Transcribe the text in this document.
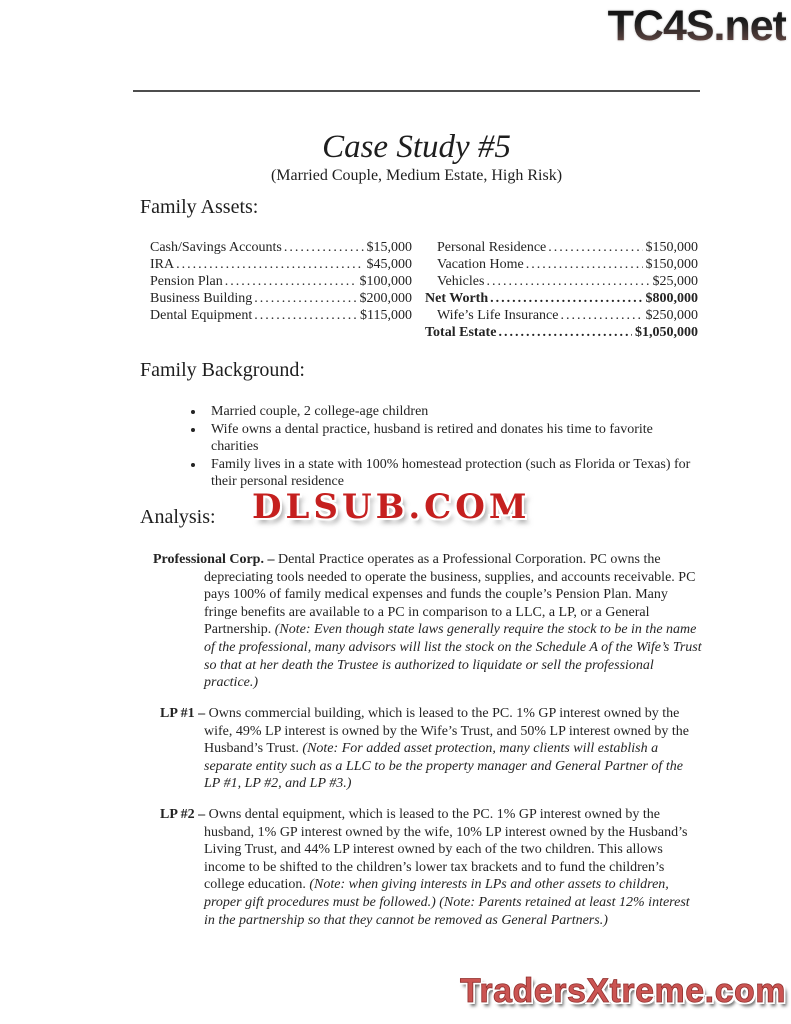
TC4S.net
Case Study #5
(Married Couple, Medium Estate, High Risk)
Family Assets:
Cash/Savings Accounts .....	$15,000
IRA .....	$45,000
Pension Plan .....	$100,000
Business Building .....	$200,000
Dental Equipment .....	$115,000
Personal Residence .....	$150,000
Vacation Home .....	$150,000
Vehicles .....	$25,000
Net Worth .....	$800,000
Wife’s Life Insurance .....	$250,000
Total Estate .....	$1,050,000
Family Background:
• Married couple, 2 college-age children
• Wife owns a dental practice, husband is retired and donates his time to favorite charities
• Family lives in a state with 100% homestead protection (such as Florida or Texas) for their personal residence
DLSUB.COM
Analysis:

Professional Corp. – Dental Practice operates as a Professional Corporation. PC owns the depreciating tools needed to operate the business, supplies, and accounts receivable. PC pays 100% of family medical expenses and funds the couple’s Pension Plan. Many fringe benefits are available to a PC in comparison to a LLC, a LP, or a General Partnership. (Note: Even though state laws generally require the stock to be in the name of the professional, many advisors will list the stock on the Schedule A of the Wife’s Trust so that at her death the Trustee is authorized to liquidate or sell the professional practice.)

LP #1 – Owns commercial building, which is leased to the PC. 1% GP interest owned by the wife, 49% LP interest is owned by the Wife’s Trust, and 50% LP interest owned by the Husband’s Trust. (Note: For added asset protection, many clients will establish a separate entity such as a LLC to be the property manager and General Partner of the LP #1, LP #2, and LP #3.)

LP #2 – Owns dental equipment, which is leased to the PC. 1% GP interest owned by the husband, 1% GP interest owned by the wife, 10% LP interest owned by the Husband’s Living Trust, and 44% LP interest owned by each of the two children. This allows income to be shifted to the children’s lower tax brackets and to fund the children’s college education. (Note: when giving interests in LPs and other assets to children, proper gift procedures must be followed.) (Note: Parents retained at least 12% interest in the partnership so that they cannot be removed as General Partners.)

TradersXtreme.com
